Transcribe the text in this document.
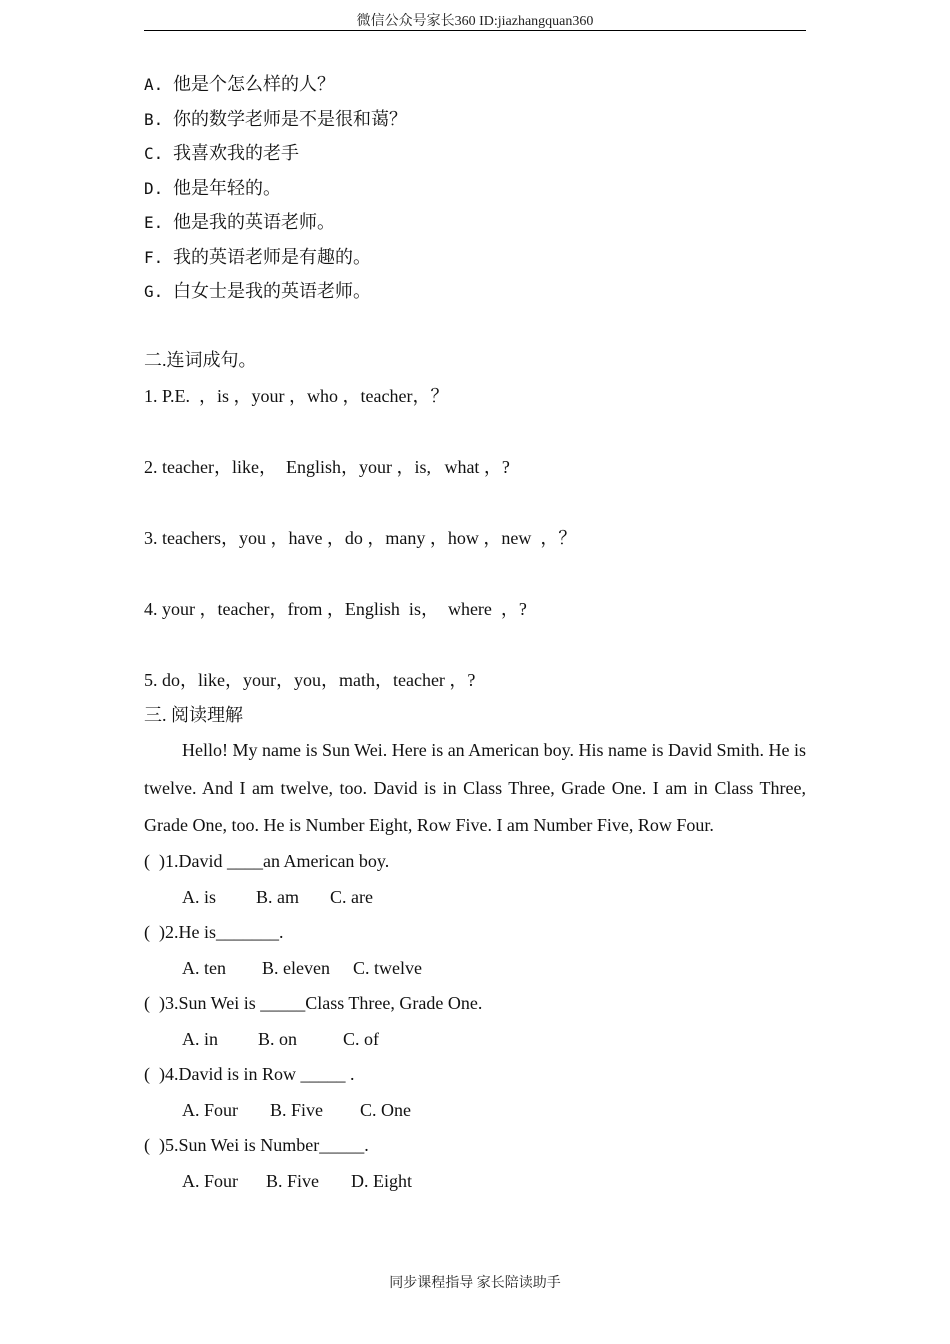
微信公众号家长360 ID:jiazhangquan360
A. 他是个怎么样的人？
B. 你的数学老师是不是很和蔼？
C. 我喜欢我的老手
D. 他是年轻的。
E. 他是我的英语老师。
F. 我的英语老师是有趣的。
G. 白女士是我的英语老师。
二.连词成句。
1. P.E.  ，is ，your ，who ，teacher，？
2. teacher，like，  English，your ，is,   what ，?
3. teachers，you ，have ，do ，many ，how ，new  ，？
4. your ，teacher，from ，English  is，  where  ，?
5. do，like，your，you，math，teacher ，?
三. 阅读理解
Hello! My name is Sun Wei. Here is an American boy. His name is David Smith. He is twelve. And I am twelve, too. David is in Class Three, Grade One. I am in Class Three, Grade One, too. He is Number Eight, Row Five. I am Number Five, Row Four.
(  )1.David ____an American boy.
A. is B. am C. are
(  )2.He is_______.
A. ten B. eleven C. twelve
(  )3.Sun Wei is _____Class Three, Grade One.
A. in B. on	C. of
(  )4.David is in Row _____ .
A. Four B. Five C. One
(  )5.Sun Wei is Number_____.
A. Four B. Five D. Eight
同步课程指导 家长陪读助手
